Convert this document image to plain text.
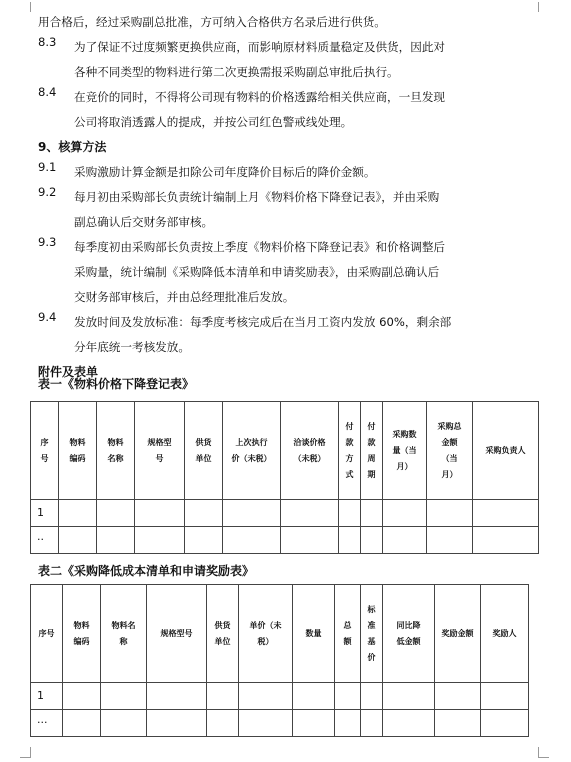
用合格后，经过采购副总批准，方可纳入合格供方名录后进行供货。
8.3 为了保证不过度频繁更换供应商，而影响原材料质量稳定及供货，因此对
各种不同类型的物料进行第二次更换需报采购副总审批后执行。
8.4 在竞价的同时，不得将公司现有物料的价格透露给相关供应商，一旦发现
公司将取消透露人的提成，并按公司红色警戒线处理。
9、核算方法
9.1 采购激励计算金额是扣除公司年度降价目标后的降价金额。
9.2 每月初由采购部长负责统计编制上月《物料价格下降登记表》，并由采购
副总确认后交财务部审核。
9.3 每季度初由采购部长负责按上季度《物料价格下降登记表》和价格调整后
采购量，统计编制《采购降低本清单和申请奖励表》，由采购副总确认后
交财务部审核后，并由总经理批准后发放。
9.4 发放时间及发放标准：每季度考核完成后在当月工资内发放 60%，剩余部
分年底统一考核发放。
附件及表单
表一《物料价格下降登记表》
序
号	物料
编码	物料
名称	规格型
号	供货
单位	上次执行
价（未税）	洽谈价格
（未税）	付
款
方
式	付
款
周
期	采购数
量（当
月）	采购总
金额
（当
月）	采购负责人
1											
··											
表二《采购降低成本清单和申请奖励表》
序号	物料
编码	物料名
称	规格型号	供货
单位	单价（未
税）	数量	总
额	标
准
基
价	同比降
低金额	奖励金额	奖励人
1											
···											
